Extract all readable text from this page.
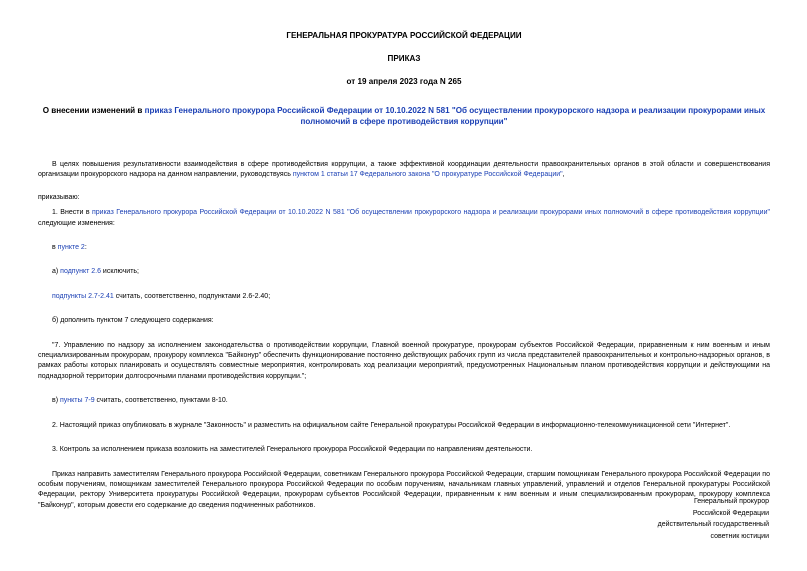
ГЕНЕРАЛЬНАЯ ПРОКУРАТУРА РОССИЙСКОЙ ФЕДЕРАЦИИ
ПРИКАЗ
от 19 апреля 2023 года N 265
О внесении изменений в приказ Генерального прокурора Российской Федерации от 10.10.2022 N 581 "Об осуществлении прокурорского надзора и реализации прокурорами иных полномочий в сфере противодействия коррупции"

В целях повышения результативности взаимодействия в сфере противодействия коррупции, а также эффективной координации деятельности правоохранительных органов в этой области и совершенствования организации прокурорского надзора на данном направлении, руководствуясь пунктом 1 статьи 17 Федерального закона "О прокуратуре Российской Федерации",

приказываю:

1. Внести в приказ Генерального прокурора Российской Федерации от 10.10.2022 N 581 "Об осуществлении прокурорского надзора и реализации прокурорами иных полномочий в сфере противодействия коррупции" следующие изменения:

в пункте 2:

а) подпункт 2.6 исключить;

подпункты 2.7-2.41 считать, соответственно, подпунктами 2.6-2.40;

б) дополнить пунктом 7 следующего содержания:

"7. Управлению по надзору за исполнением законодательства о противодействии коррупции, Главной военной прокуратуре, прокурорам субъектов Российской Федерации, приравненным к ним военным и иным специализированным прокурорам, прокурору комплекса "Байконур" обеспечить функционирование постоянно действующих рабочих групп из числа представителей правоохранительных и контрольно-надзорных органов, в рамках работы которых планировать и осуществлять совместные мероприятия, контролировать ход реализации мероприятий, предусмотренных Национальным планом противодействия коррупции и действующими на поднадзорной территории долгосрочными планами противодействия коррупции.";

в) пункты 7-9 считать, соответственно, пунктами 8-10.

2. Настоящий приказ опубликовать в журнале "Законность" и разместить на официальном сайте Генеральной прокуратуры Российской Федерации в информационно-телекоммуникационной сети "Интернет".

3. Контроль за исполнением приказа возложить на заместителей Генерального прокурора Российской Федерации по направлениям деятельности.

Приказ направить заместителям Генерального прокурора Российской Федерации, советникам Генерального прокурора Российской Федерации, старшим помощникам Генерального прокурора Российской Федерации по особым поручениям, помощникам заместителей Генерального прокурора Российской Федерации по особым поручениям, начальникам главных управлений, управлений и отделов Генеральной прокуратуры Российской Федерации, ректору Университета прокуратуры Российской Федерации, прокурорам субъектов Российской Федерации, приравненным к ним военным и иным специализированным прокурорам, прокурору комплекса "Байконур", которым довести его содержание до сведения подчиненных работников.

Генеральный прокурор
Российской Федерации
действительный государственный
советник юстиции
